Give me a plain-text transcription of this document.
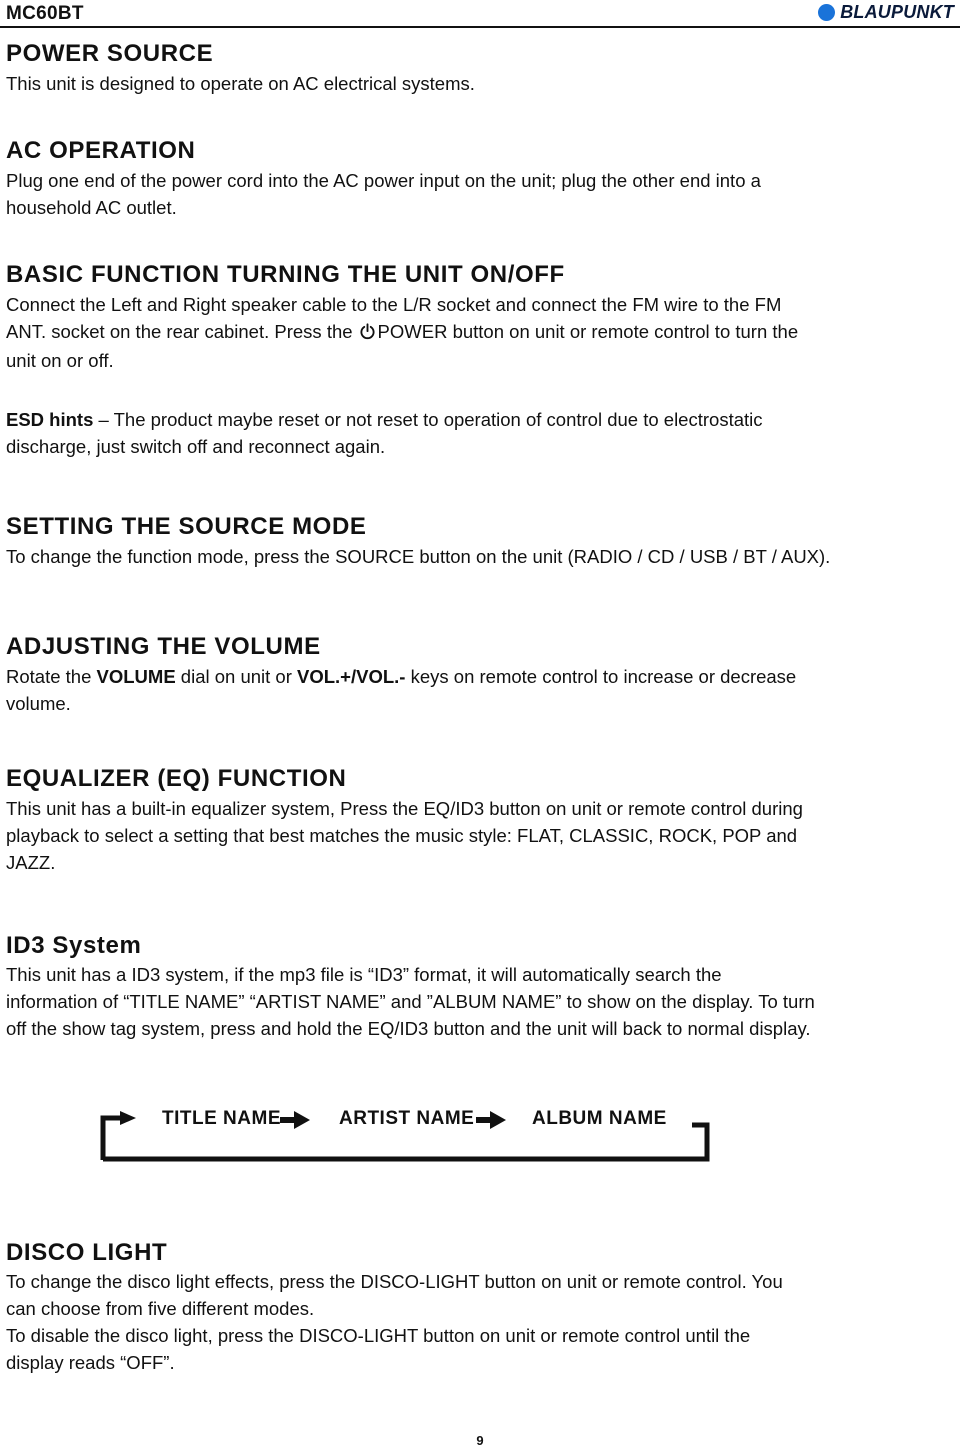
MC60BT	BLAUPUNKT
POWER SOURCE
This unit is designed to operate on AC electrical systems.
AC OPERATION
Plug one end of the power cord into the AC power input on the unit; plug the other end into a
household AC outlet.
BASIC FUNCTION TURNING THE UNIT ON/OFF
Connect the Left and Right speaker cable to the L/R socket and connect the FM wire to the FM
ANT. socket on the rear cabinet. Press the POWER button on unit or remote control to turn the
unit on or off.
ESD hints – The product maybe reset or not reset to operation of control due to electrostatic
discharge, just switch off and reconnect again.
SETTING THE SOURCE MODE
To change the function mode, press the SOURCE button on the unit (RADIO / CD / USB / BT / AUX).
ADJUSTING THE VOLUME
Rotate the VOLUME dial on unit or VOL.+/VOL.- keys on remote control to increase or decrease
volume.
EQUALIZER (EQ) FUNCTION
This unit has a built-in equalizer system, Press the EQ/ID3 button on unit or remote control during
playback to select a setting that best matches the music style: FLAT, CLASSIC, ROCK, POP and
JAZZ.
ID3 System
This unit has a ID3 system, if the mp3 file is “ID3” format, it will automatically search the
information of “TITLE NAME” “ARTIST NAME” and ”ALBUM NAME” to show on the display. To turn
off the show tag system, press and hold the EQ/ID3 button and the unit will back to normal display.
TITLE NAME	ARTIST NAME	ALBUM NAME
DISCO LIGHT
To change the disco light effects, press the DISCO-LIGHT button on unit or remote control. You
can choose from five different modes.
To disable the disco light, press the DISCO-LIGHT button on unit or remote control until the
display reads “OFF”.
9
